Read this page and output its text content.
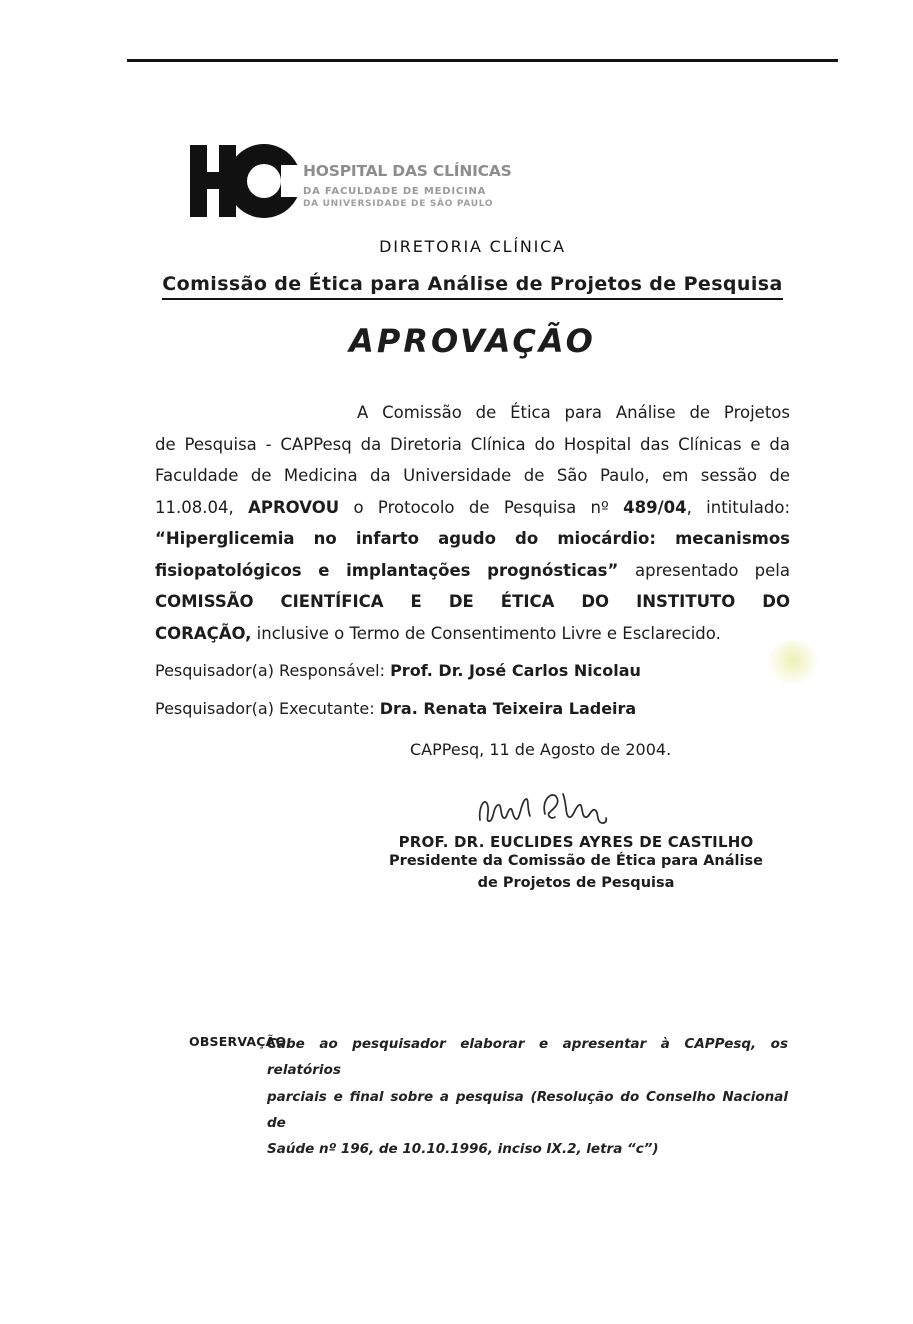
HOSPITAL DAS CLÍNICAS
DA FACULDADE DE MEDICINA
DA UNIVERSIDADE DE SÃO PAULO
DIRETORIA CLÍNICA
Comissão de Ética para Análise de Projetos de Pesquisa
APROVAÇÃO
A Comissão de Ética para Análise de Projetos
de Pesquisa - CAPPesq da Diretoria Clínica do Hospital das Clínicas e da
Faculdade de Medicina da Universidade de São Paulo, em sessão de
11.08.04, APROVOU o Protocolo de Pesquisa nº 489/04, intitulado:
“Hiperglicemia no infarto agudo do miocárdio: mecanismos
fisiopatológicos e implantações prognósticas” apresentado pela
COMISSÃO CIENTÍFICA E DE ÉTICA DO INSTITUTO DO
CORAÇÃO, inclusive o Termo de Consentimento Livre e Esclarecido.
Pesquisador(a) Responsável: Prof. Dr. José Carlos Nicolau
Pesquisador(a) Executante: Dra. Renata Teixeira Ladeira
CAPPesq, 11 de Agosto de 2004.
PROF. DR. EUCLIDES AYRES DE CASTILHO
Presidente da Comissão de Ética para Análise
de Projetos de Pesquisa
OBSERVAÇÃO:
Cabe ao pesquisador elaborar e apresentar à CAPPesq, os relatórios
parciais e final sobre a pesquisa (Resolução do Conselho Nacional de
Saúde nº 196, de 10.10.1996, inciso IX.2, letra “c”)
